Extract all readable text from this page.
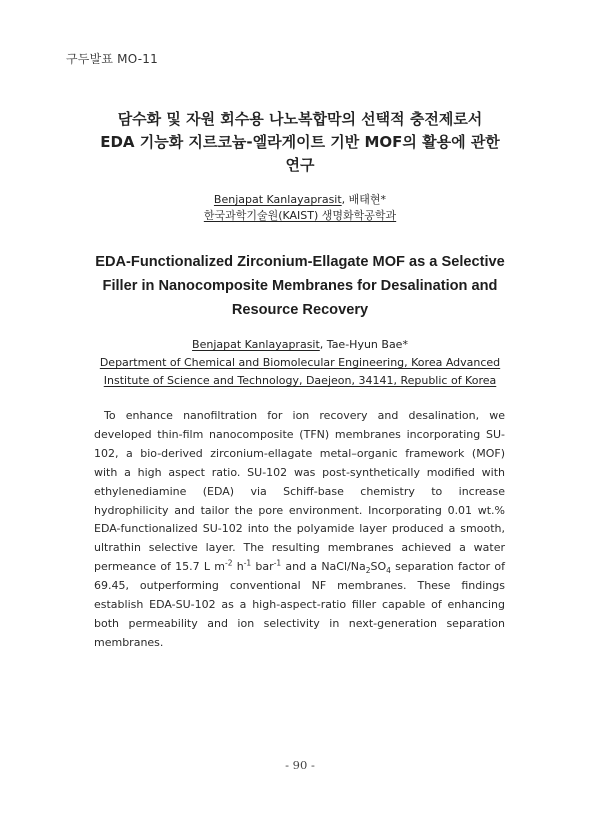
구두발표 MO-11
담수화 및 자원 회수용 나노복합막의 선택적 충전제로서
EDA 기능화 지르코늄-엘라게이트 기반 MOF의 활용에 관한
연구
Benjapat Kanlayaprasit, 배태현*
한국과학기술원(KAIST) 생명화학공학과
EDA-Functionalized Zirconium-Ellagate MOF as a Selective
Filler in Nanocomposite Membranes for Desalination and
Resource Recovery
Benjapat Kanlayaprasit, Tae-Hyun Bae*
Department of Chemical and Biomolecular Engineering, Korea Advanced
Institute of Science and Technology, Daejeon, 34141, Republic of Korea

To enhance nanofiltration for ion recovery and desalination, we developed thin-film nanocomposite (TFN) membranes incorporating SU-102, a bio-derived zirconium-ellagate metal–organic framework (MOF) with a high aspect ratio. SU-102 was post-synthetically modified with ethylenediamine (EDA) via Schiff-base chemistry to increase hydrophilicity and tailor the pore environment. Incorporating 0.01 wt.% EDA-functionalized SU-102 into the polyamide layer produced a smooth, ultrathin selective layer. The resulting membranes achieved a water permeance of 15.7 L $m^{-2}$ $h^{-1}$ bar$^{-1}$ and a NaCl/$Na_2SO_4$ separation factor of 69.45, outperforming conventional NF membranes. These findings establish EDA-SU-102 as a high-aspect-ratio filler capable of enhancing both permeability and ion selectivity in next-generation separation membranes.

- 90 -
